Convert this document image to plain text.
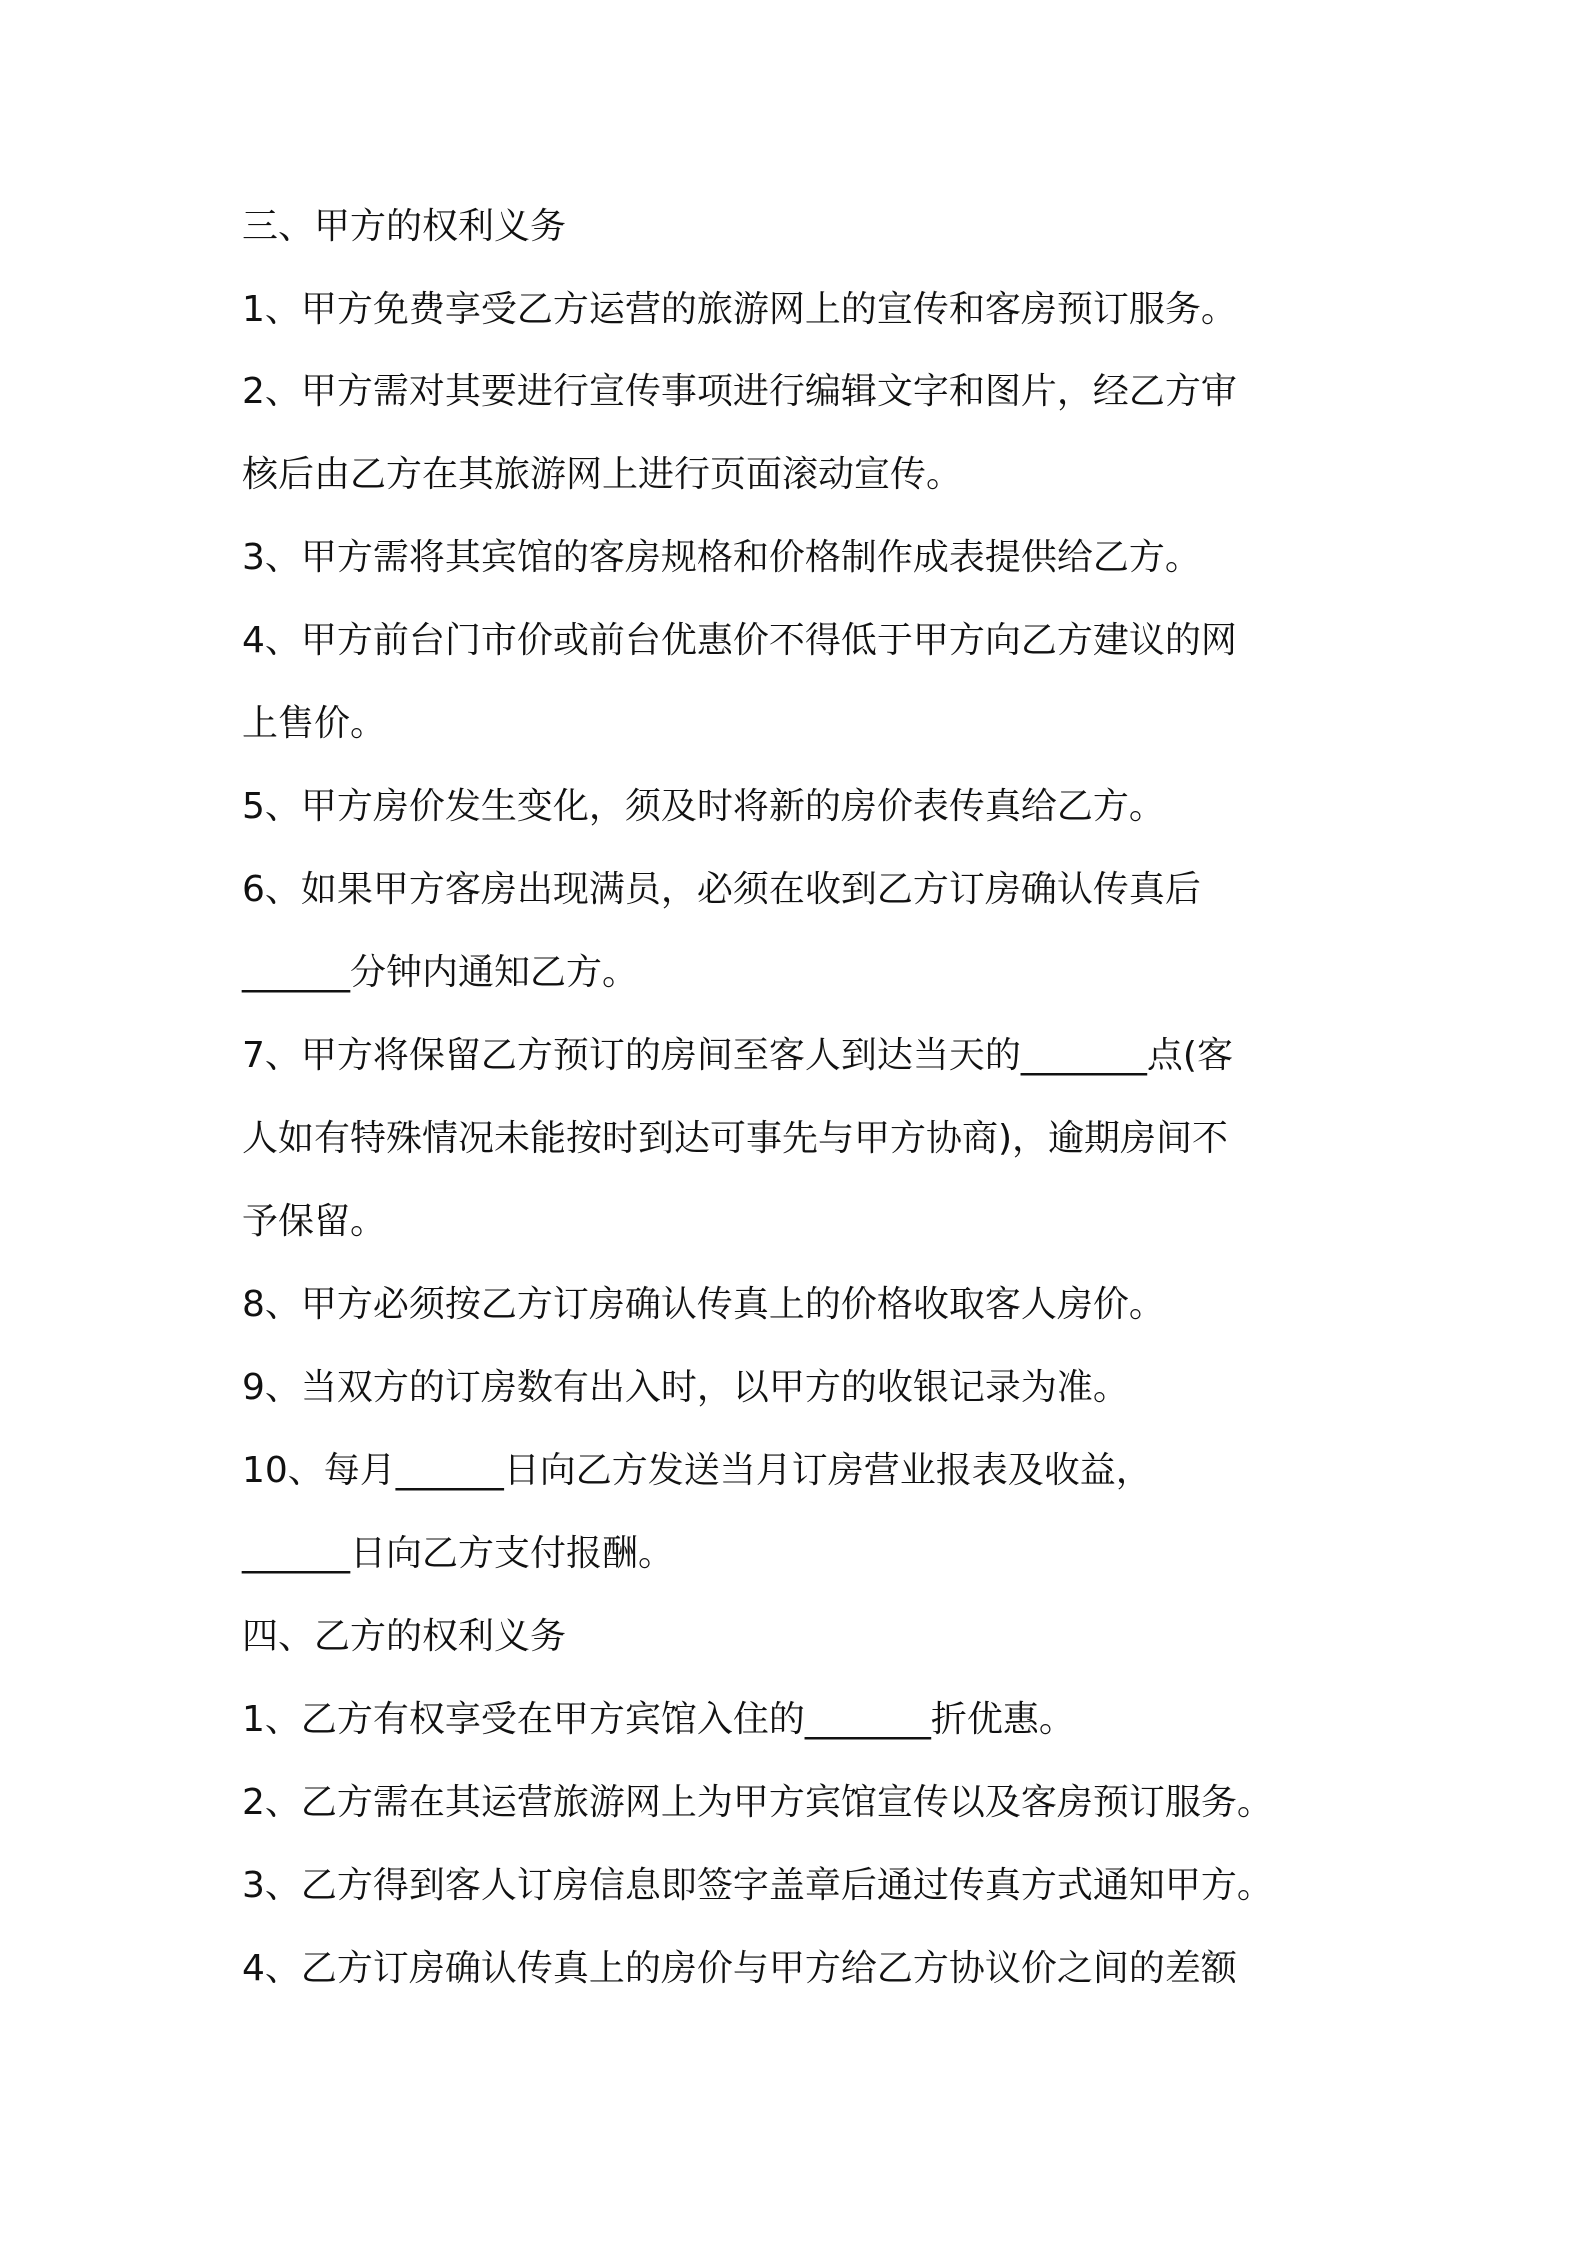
三、甲方的权利义务
1、甲方免费享受乙方运营的旅游网上的宣传和客房预订服务。
2、甲方需对其要进行宣传事项进行编辑文字和图片，经乙方审
核后由乙方在其旅游网上进行页面滚动宣传。
3、甲方需将其宾馆的客房规格和价格制作成表提供给乙方。
4、甲方前台门市价或前台优惠价不得低于甲方向乙方建议的网
上售价。
5、甲方房价发生变化，须及时将新的房价表传真给乙方。
6、如果甲方客房出现满员，必须在收到乙方订房确认传真后
______分钟内通知乙方。
7、甲方将保留乙方预订的房间至客人到达当天的_______点(客
人如有特殊情况未能按时到达可事先与甲方协商)，逾期房间不
予保留。
8、甲方必须按乙方订房确认传真上的价格收取客人房价。
9、当双方的订房数有出入时，以甲方的收银记录为准。
10、每月______日向乙方发送当月订房营业报表及收益，
______日向乙方支付报酬。
四、乙方的权利义务
1、乙方有权享受在甲方宾馆入住的_______折优惠。
2、乙方需在其运营旅游网上为甲方宾馆宣传以及客房预订服务。
3、乙方得到客人订房信息即签字盖章后通过传真方式通知甲方。
4、乙方订房确认传真上的房价与甲方给乙方协议价之间的差额
